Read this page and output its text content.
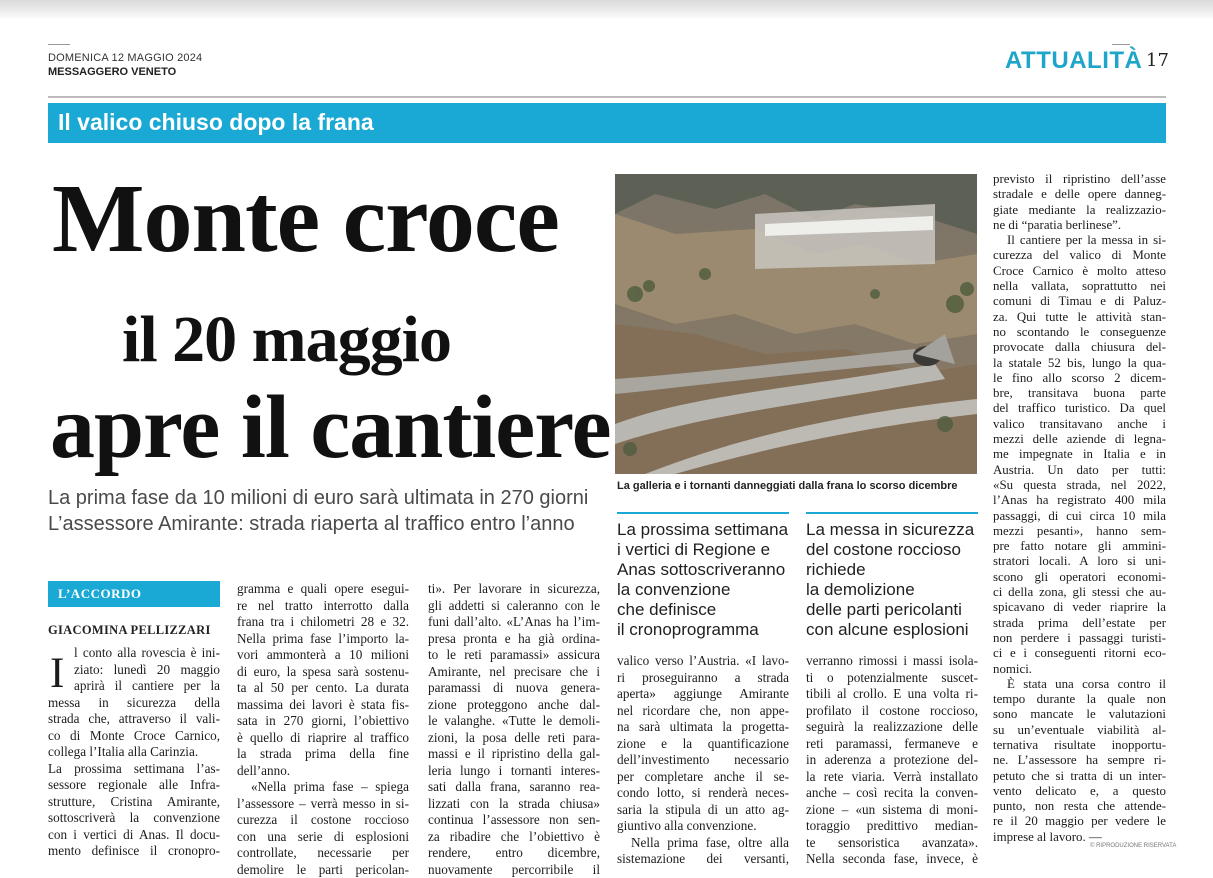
DOMENICA 12 MAGGIO 2024
MESSAGGERO VENETO	ATTUALITÀ 17
Il valico chiuso dopo la frana
Monte croce
il 20 maggio
apre il cantiere
La prima fase da 10 milioni di euro sarà ultimata in 270 giorni
L’assessore Amirante: strada riaperta al traffico entro l’anno
La galleria e i tornanti danneggiati dalla frana lo scorso dicembre
La prossima settimana
i vertici di Regione e
Anas sottoscriveranno
la convenzione
che definisce
il cronoprogramma
La messa in sicurezza
del costone roccioso
richiede
la demolizione
delle parti pericolanti
con alcune esplosioni
L’ACCORDO
GIACOMINA PELLIZZARI
I l conto alla rovescia è ini-
ziato: lunedì 20 maggio
aprirà il cantiere per la
messa in sicurezza della
strada che, attraverso il vali-
co di Monte Croce Carnico,
collega l’Italia alla Carinzia.
La prossima settimana l’as-
sessore regionale alle Infra-
strutture, Cristina Amirante,
sottoscriverà la convenzione
con i vertici di Anas. Il docu-
mento definisce il cronopro-
gramma e quali opere esegui-
re nel tratto interrotto dalla
frana tra i chilometri 28 e 32.
Nella prima fase l’importo la-
vori ammonterà a 10 milioni
di euro, la spesa sarà sostenu-
ta al 50 per cento. La durata
massima dei lavori è stata fis-
sata in 270 giorni, l’obiettivo
è quello di riaprire al traffico
la strada prima della fine
dell’anno.
«Nella prima fase – spiega
l’assessore – verrà messo in si-
curezza il costone roccioso
con una serie di esplosioni
controllate, necessarie per
demolire le parti pericolan-
ti». Per lavorare in sicurezza,
gli addetti si caleranno con le
funi dall’alto. «L’Anas ha l’im-
presa pronta e ha già ordina-
to le reti paramassi» assicura
Amirante, nel precisare che i
paramassi di nuova genera-
zione proteggono anche dal-
le valanghe. «Tutte le demoli-
zioni, la posa delle reti para-
massi e il ripristino della gal-
leria lungo i tornanti interes-
sati dalla frana, saranno rea-
lizzati con la strada chiusa»
continua l’assessore non sen-
za ribadire che l’obiettivo è
rendere, entro dicembre,
nuovamente percorribile il
valico verso l’Austria. «I lavo-
ri proseguiranno a strada
aperta» aggiunge Amirante
nel ricordare che, non appe-
na sarà ultimata la progetta-
zione e la quantificazione
dell’investimento necessario
per completare anche il se-
condo lotto, si renderà neces-
saria la stipula di un atto ag-
giuntivo alla convenzione.
Nella prima fase, oltre alla
sistemazione dei versanti,
verranno rimossi i massi isola-
ti o potenzialmente suscet-
tibili al crollo. E una volta ri-
profilato il costone roccioso,
seguirà la realizzazione delle
reti paramassi, fermaneve e
in aderenza a protezione del-
la rete viaria. Verrà installato
anche – così recita la conven-
zione – «un sistema di moni-
toraggio predittivo median-
te sensoristica avanzata».
Nella seconda fase, invece, è
previsto il ripristino dell’asse
stradale e delle opere danneg-
giate mediante la realizzazio-
ne di “paratia berlinese”.
Il cantiere per la messa in si-
curezza del valico di Monte
Croce Carnico è molto atteso
nella vallata, soprattutto nei
comuni di Timau e di Paluz-
za. Qui tutte le attività stan-
no scontando le conseguenze
provocate dalla chiusura del-
la statale 52 bis, lungo la qua-
le fino allo scorso 2 dicem-
bre, transitava buona parte
del traffico turistico. Da quel
valico transitavano anche i
mezzi delle aziende di legna-
me impegnate in Italia e in
Austria. Un dato per tutti:
«Su questa strada, nel 2022,
l’Anas ha registrato 400 mila
passaggi, di cui circa 10 mila
mezzi pesanti», hanno sem-
pre fatto notare gli ammini-
stratori locali. A loro si uni-
scono gli operatori economi-
ci della zona, gli stessi che au-
spicavano di veder riaprire la
strada prima dell’estate per
non perdere i passaggi turisti-
ci e i conseguenti ritorni eco-
nomici.
È stata una corsa contro il
tempo durante la quale non
sono mancate le valutazioni
su un’eventuale viabilità al-
ternativa risultate inopportu-
ne. L’assessore ha sempre ri-
petuto che si tratta di un inter-
vento delicato e, a questo
punto, non resta che attende-
re il 20 maggio per vedere le
imprese al lavoro. —
© RIPRODUZIONE RISERVATA
